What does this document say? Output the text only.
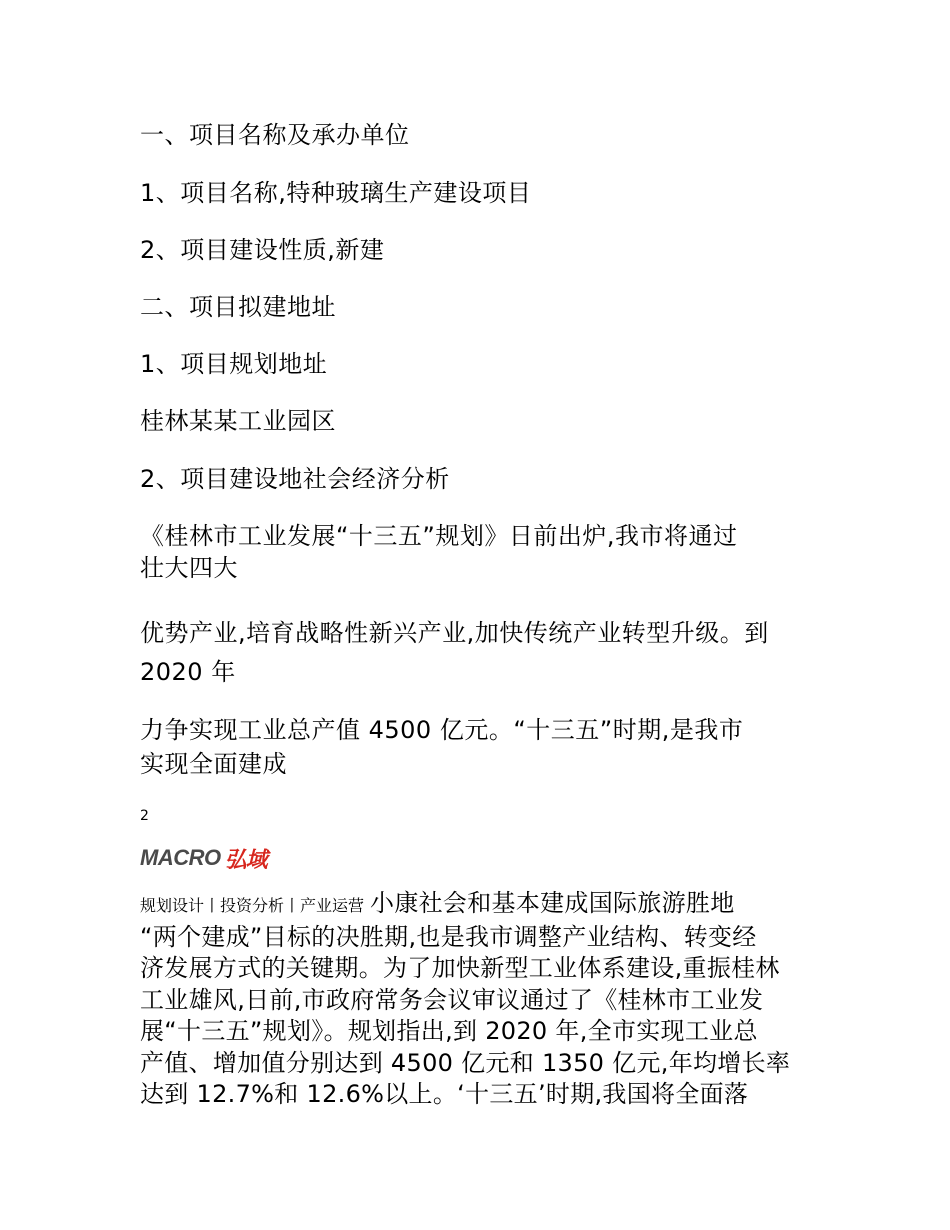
一、项目名称及承办单位
1、项目名称,特种玻璃生产建设项目
2、项目建设性质,新建
二、项目拟建地址
1、项目规划地址
桂林某某工业园区
2、项目建设地社会经济分析
《桂林市工业发展“十三五”规划》日前出炉,我市将通过
壮大四大
优势产业,培育战略性新兴产业,加快传统产业转型升级。到
2020 年
力争实现工业总产值 4500 亿元。“十三五”时期,是我市
实现全面建成
2
MACRO 弘域
规划设计丨投资分析丨产业运营 小康社会和基本建成国际旅游胜地
“两个建成”目标的决胜期,也是我市调整产业结构、转变经
济发展方式的关键期。为了加快新型工业体系建设,重振桂林
工业雄风,日前,市政府常务会议审议通过了《桂林市工业发
展“十三五”规划》。规划指出,到 2020 年,全市实现工业总
产值、增加值分别达到 4500 亿元和 1350 亿元,年均增长率
达到 12.7%和 12.6%以上。‘十三五’时期,我国将全面落
